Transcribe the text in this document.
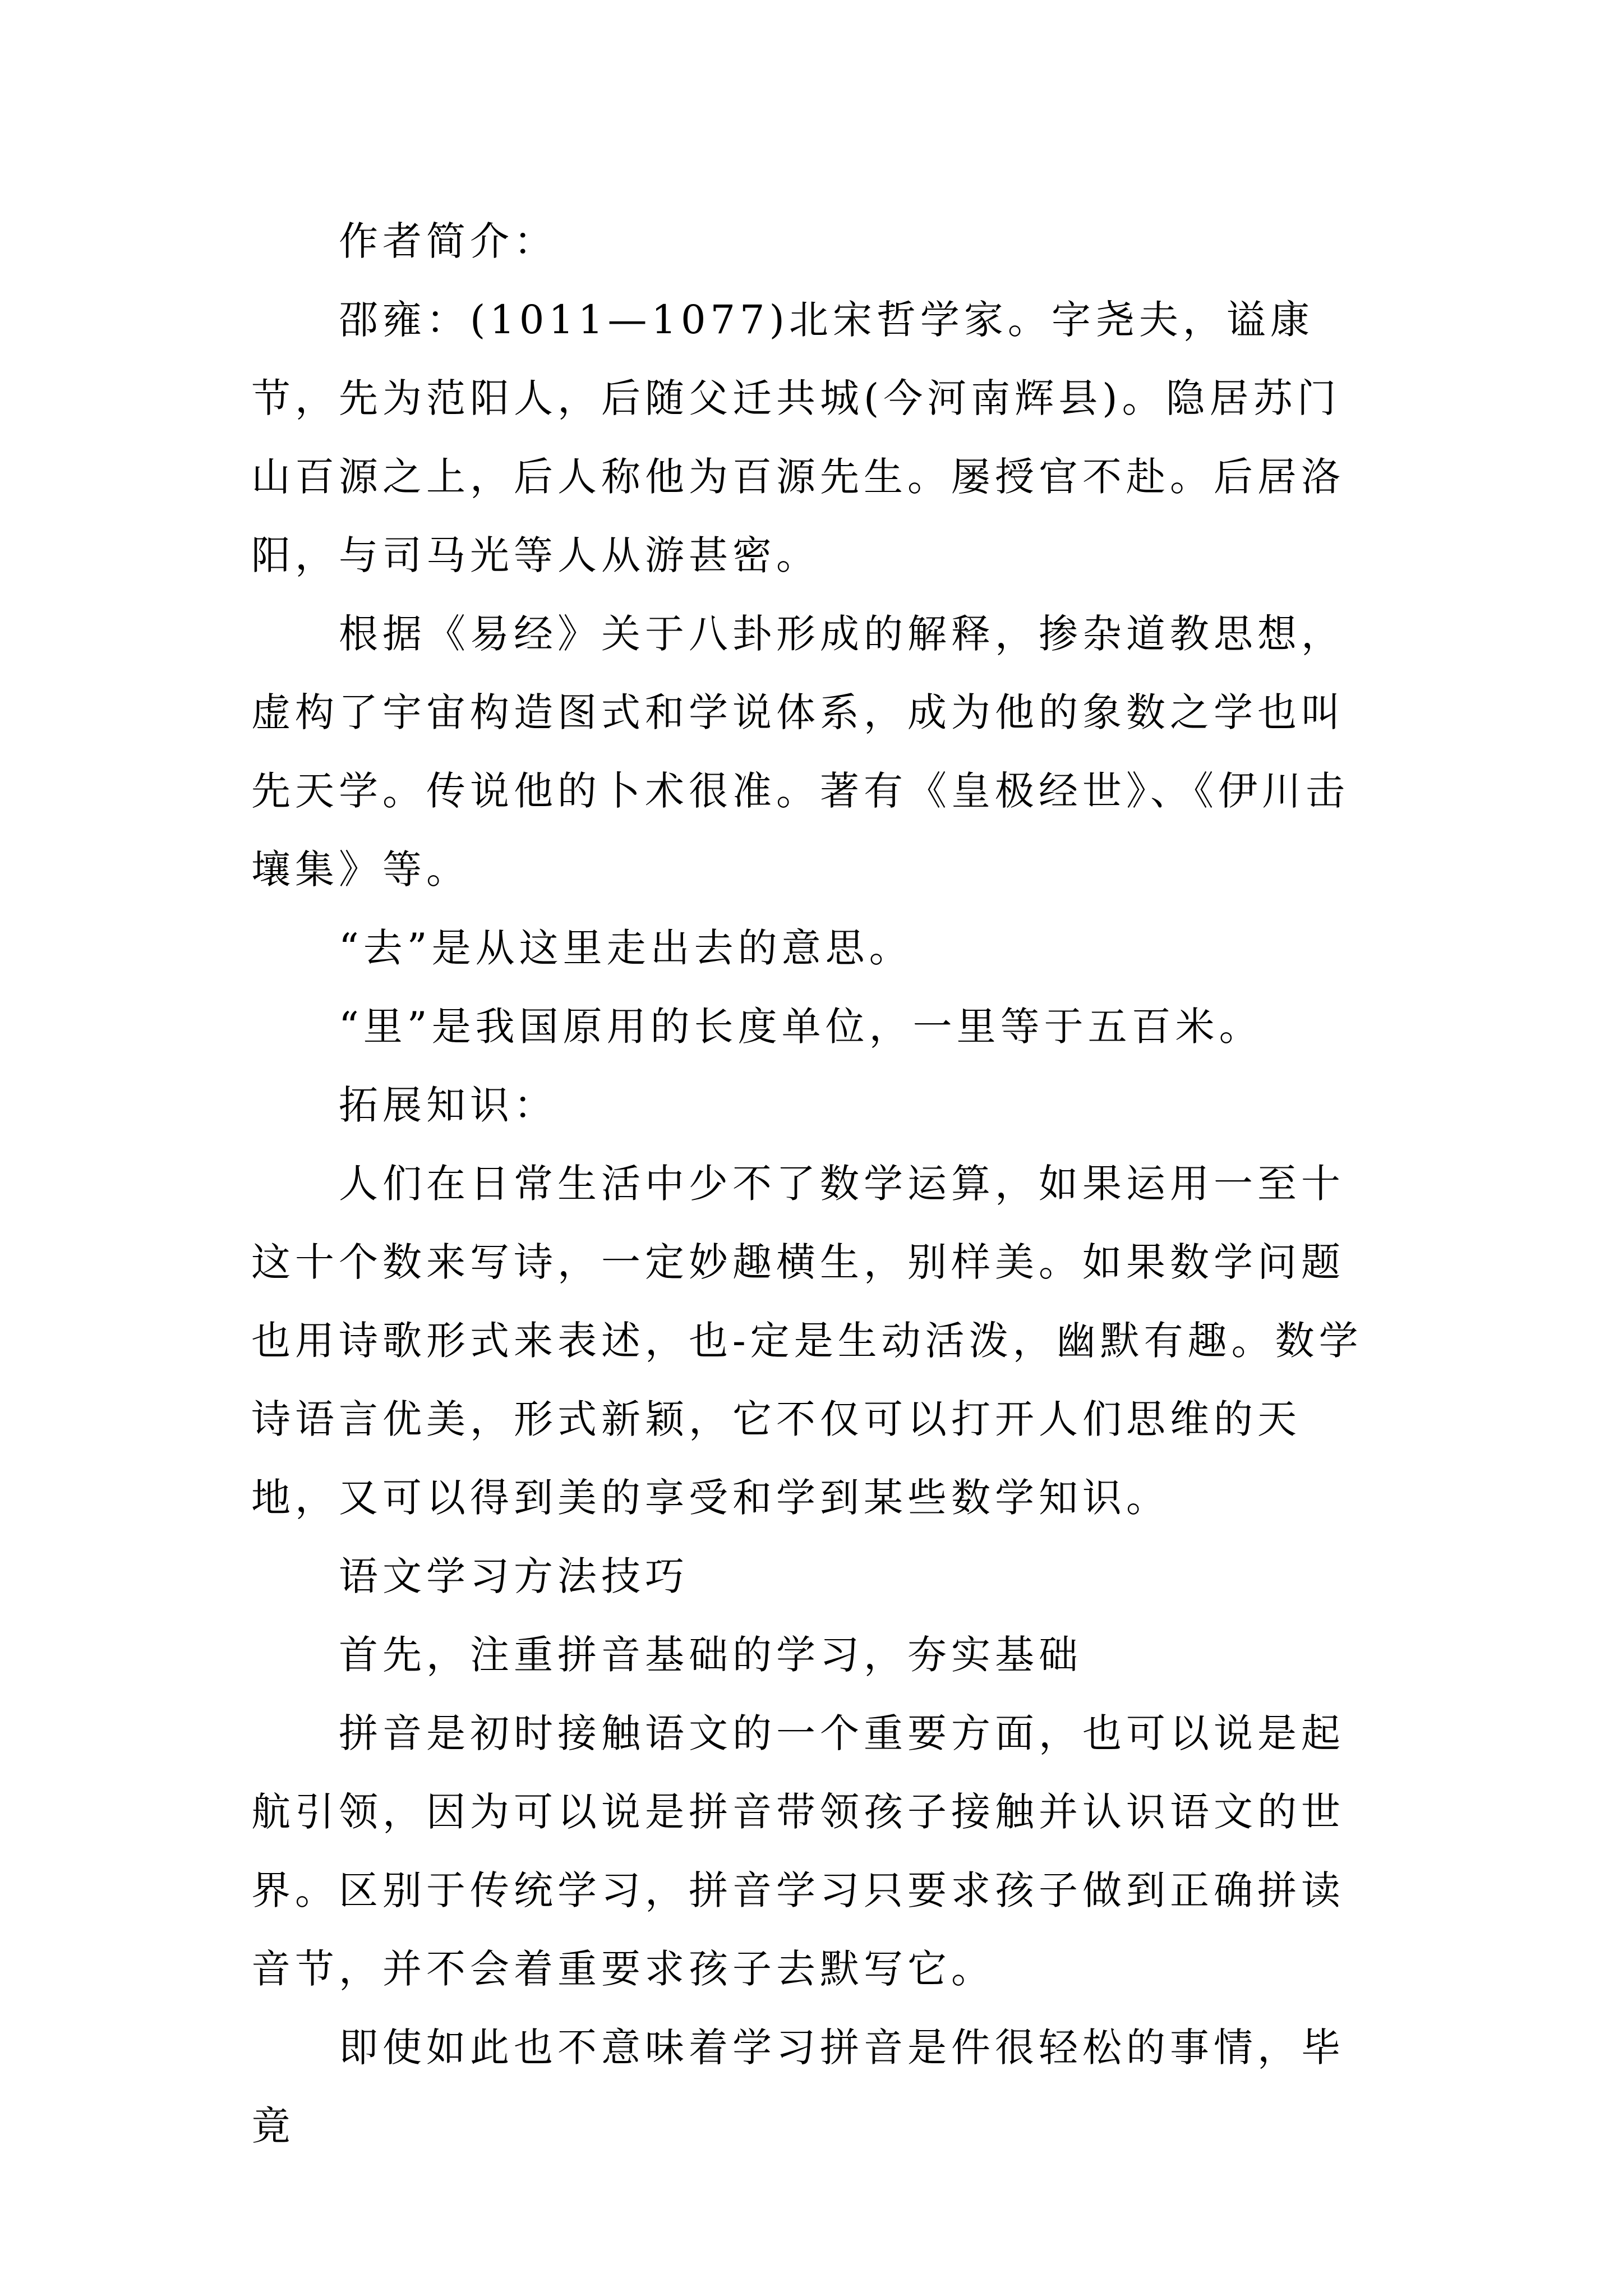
作者简介：

邵雍：(1011—1077)北宋哲学家。字尧夫，谥康节，先为范阳人，后随父迁共城(今河南辉县)。隐居苏门山百源之上，后人称他为百源先生。屡授官不赴。后居洛阳，与司马光等人从游甚密。

根据《易经》关于八卦形成的解释，掺杂道教思想，虚构了宇宙构造图式和学说体系，成为他的象数之学也叫先天学。传说他的卜术很准。著有《皇极经世》、《伊川击壤集》等。

“去”是从这里走出去的意思。

“里”是我国原用的长度单位，一里等于五百米。

拓展知识：

人们在日常生活中少不了数学运算，如果运用一至十这十个数来写诗，一定妙趣横生，别样美。如果数学问题也用诗歌形式来表述，也-定是生动活泼，幽默有趣。数学诗语言优美，形式新颖，它不仅可以打开人们思维的天地，又可以得到美的享受和学到某些数学知识。

语文学习方法技巧

首先，注重拼音基础的学习，夯实基础

拼音是初时接触语文的一个重要方面，也可以说是起航引领，因为可以说是拼音带领孩子接触并认识语文的世界。区别于传统学习，拼音学习只要求孩子做到正确拼读音节，并不会着重要求孩子去默写它。

即使如此也不意味着学习拼音是件很轻松的事情，毕竟
